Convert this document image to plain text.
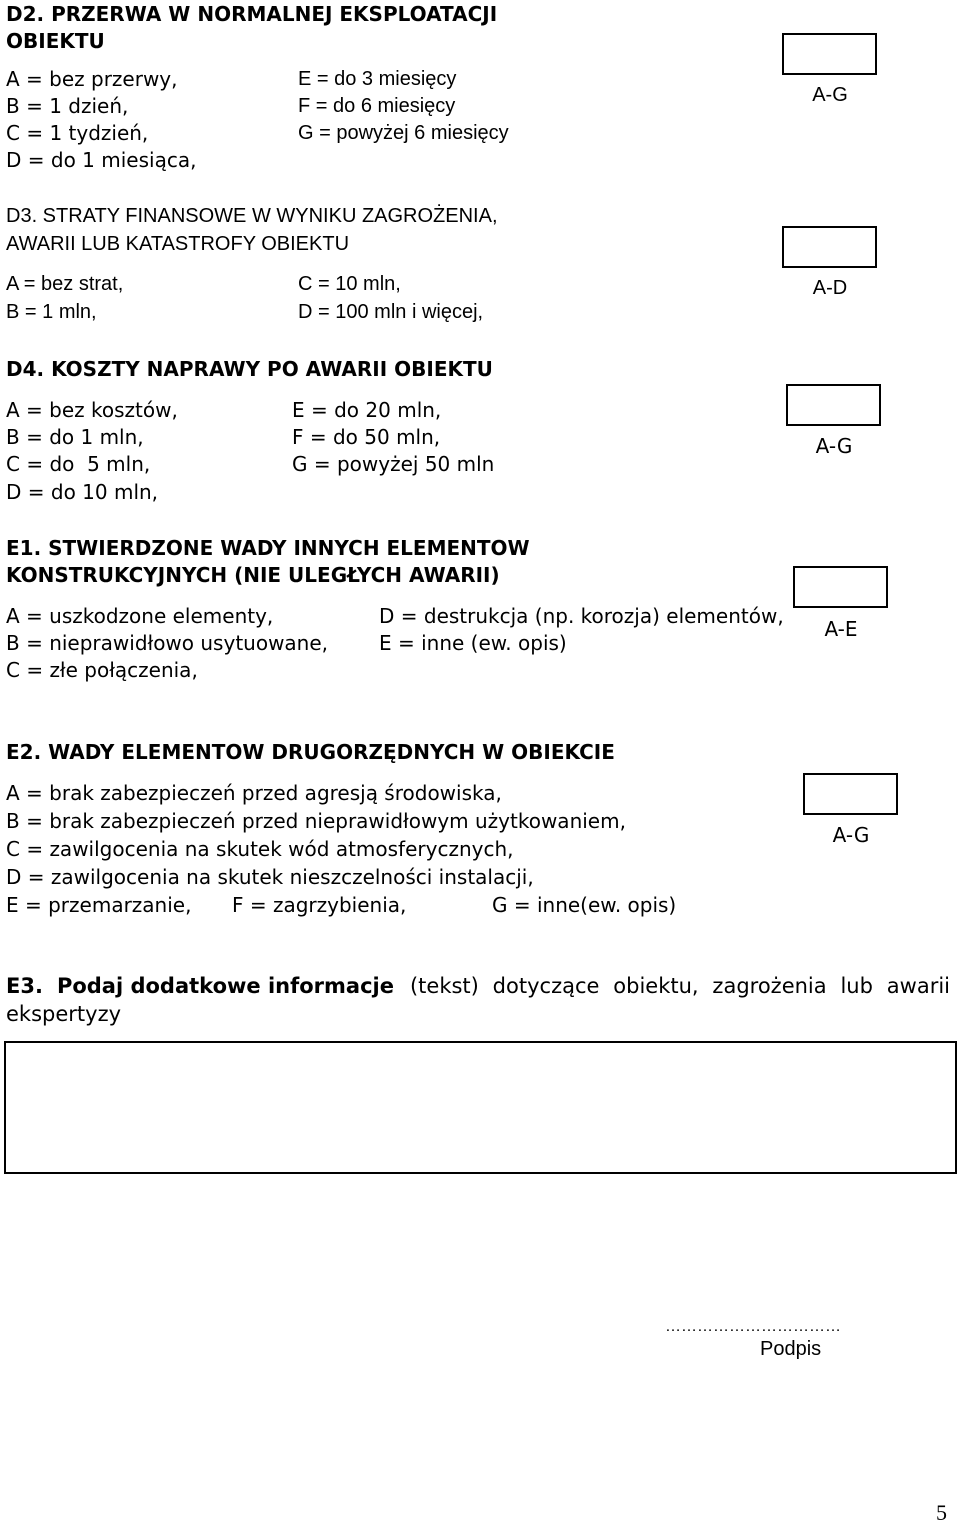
D2. PRZERWA W NORMALNEJ EKSPLOATACJI
OBIEKTU
A = bez przerwy,
B = 1 dzień,
C = 1 tydzień,
D = do 1 miesiąca,
E = do 3 miesięcy
F = do 6 miesięcy
G = powyżej 6 miesięcy
A-G
D3. STRATY FINANSOWE W WYNIKU ZAGROŻENIA,
AWARII LUB KATASTROFY OBIEKTU
A = bez strat,
B = 1 mln,
C = 10 mln,
D = 100 mln i więcej,
A-D
D4. KOSZTY NAPRAWY PO AWARII OBIEKTU
A = bez kosztów,
B = do 1 mln,
C = do  5 mln,
D = do 10 mln,
E = do 20 mln,
F = do 50 mln,
G = powyżej 50 mln
A-G
E1. STWIERDZONE WADY INNYCH ELEMENTOW
KONSTRUKCYJNYCH (NIE ULEGŁYCH AWARII)
A = uszkodzone elementy,
B = nieprawidłowo usytuowane,
C = złe połączenia,
D = destrukcja (np. korozja) elementów,
E = inne (ew. opis)
A-E
E2. WADY ELEMENTOW DRUGORZĘDNYCH W OBIEKCIE
A = brak zabezpieczeń przed agresją środowiska,
B = brak zabezpieczeń przed nieprawidłowym użytkowaniem,
C = zawilgocenia na skutek wód atmosferycznych,
D = zawilgocenia na skutek nieszczelności instalacji,
E = przemarzanie, F = zagrzybienia,	G = inne(ew. opis)
A-G
E3. Podaj dodatkowe informacje (tekst) dotyczące obiektu, zagrożenia lub awarii
ekspertyzy
……………………………
Podpis
5
